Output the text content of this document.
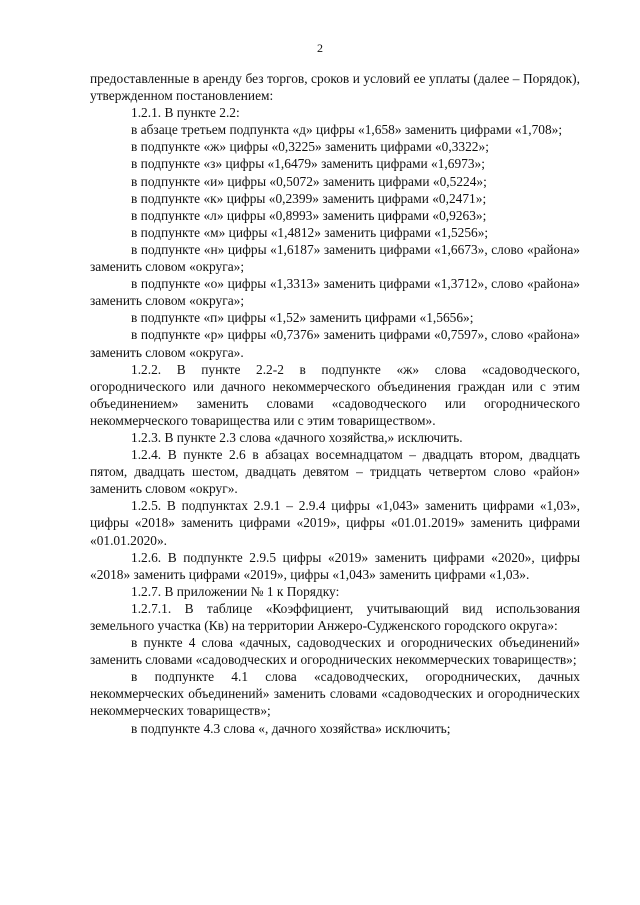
2

предоставленные в аренду без торгов, сроков и условий ее уплаты (далее – Порядок), утвержденном постановлением:

1.2.1. В пункте 2.2:

в абзаце третьем подпункта «д» цифры «1,658» заменить цифрами «1,708»;

в подпункте «ж» цифры «0,3225» заменить цифрами «0,3322»;

в подпункте «з» цифры «1,6479» заменить цифрами «1,6973»;

в подпункте «и» цифры «0,5072» заменить цифрами «0,5224»;

в подпункте «к» цифры «0,2399» заменить цифрами «0,2471»;

в подпункте «л» цифры «0,8993» заменить цифрами «0,9263»;

в подпункте «м» цифры «1,4812» заменить цифрами «1,5256»;

в подпункте «н» цифры «1,6187» заменить цифрами «1,6673», слово «района» заменить словом «округа»;

в подпункте «о» цифры «1,3313» заменить цифрами «1,3712», слово «района» заменить словом «округа»;

в подпункте «п» цифры «1,52» заменить цифрами «1,5656»;

в подпункте «р» цифры «0,7376» заменить цифрами «0,7597», слово «района» заменить словом «округа».

1.2.2. В пункте 2.2-2 в подпункте «ж» слова «садоводческого, огороднического или дачного некоммерческого объединения граждан или с этим объединением» заменить словами «садоводческого или огороднического некоммерческого товарищества или с этим товариществом».

1.2.3. В пункте 2.3 слова «дачного хозяйства,» исключить.

1.2.4. В пункте 2.6 в абзацах восемнадцатом – двадцать втором, двадцать пятом, двадцать шестом, двадцать девятом – тридцать четвертом слово «район» заменить словом «округ».

1.2.5. В подпунктах 2.9.1 – 2.9.4 цифры «1,043» заменить цифрами «1,03», цифры «2018» заменить цифрами «2019», цифры «01.01.2019» заменить цифрами «01.01.2020».

1.2.6. В подпункте 2.9.5 цифры «2019» заменить цифрами «2020», цифры «2018» заменить цифрами «2019», цифры «1,043» заменить цифрами «1,03».

1.2.7. В приложении № 1 к Порядку:

1.2.7.1. В таблице «Коэффициент, учитывающий вид использования земельного участка (Кв) на территории Анжеро-Судженского городского округа»:

в пункте 4 слова «дачных, садоводческих и огороднических объединений» заменить словами «садоводческих и огороднических некоммерческих товариществ»;

в подпункте 4.1 слова «садоводческих, огороднических, дачных некоммерческих объединений» заменить словами «садоводческих и огороднических некоммерческих товариществ»;

в подпункте 4.3 слова «, дачного хозяйства» исключить;
